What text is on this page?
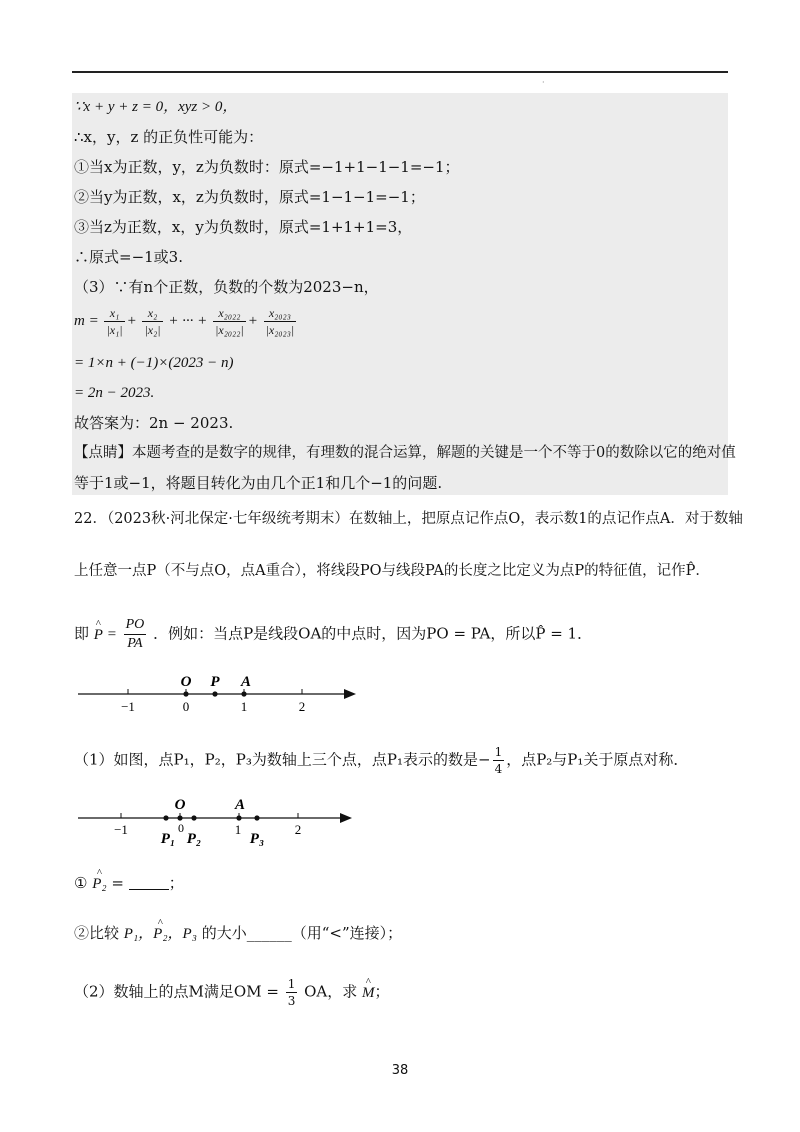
·
∵x + y + z = 0，xyz > 0，
∴x，y，z 的正负性可能为：
①当x为正数，y，z为负数时：原式=−1+1−1−1=−1；
②当y为正数，x，z为负数时，原式=1−1−1=−1；
③当z为正数，x，y为负数时，原式=1+1+1=3，
∴原式=−1或3.
（3）∵有n个正数，负数的个数为2023−n，
$m = \frac{\text{x₁}}{\text{|x₁|}} + \frac{\text{x₂}}{\text{|x₂|}}$ + ··· + $\frac{\text{x₂₀₂₂}}{\text{|x₂₀₂₂|}} + \frac{\text{x₂₀₂₃}}{\text{|x₂₀₂₃|}}$
= 1×n + (−1)×(2023 − n)
= 2n − 2023.
故答案为：2n − 2023.
【点睛】本题考查的是数字的规律，有理数的混合运算，解题的关键是一个不等于0的数除以它的绝对值
等于1或−1，将题目转化为由几个正1和几个−1的问题.
22．（2023秋·河北保定·七年级统考期末）在数轴上，把原点记作点O，表示数1的点记作点A．对于数轴
上任意一点P（不与点O，点A重合），将线段PO与线段PA的长度之比定义为点P的特征值，记作P̂．
即 ^ $P = \frac{PO}{PA}$ ．例如：当点P是线段OA的中点时，因为PO = PA，所以P̂ = 1．
O P A
−1	0	1	2
（1）如图，点P₁，P₂，P₃为数轴上三个点，点P₁表示的数是− $\frac{1}{4}$ ，点P₂与P₁关于原点对称．
O	A
−1	0	1	2
P₁ P₂	P₃
① ^ P₂ =	；
②比较 ^ P₁，P₂，P₃ 的大小______（用“<”连接）；
（2）数轴上的点M满足OM = $\frac{1}{3}$ OA，求 ^ M；
38
